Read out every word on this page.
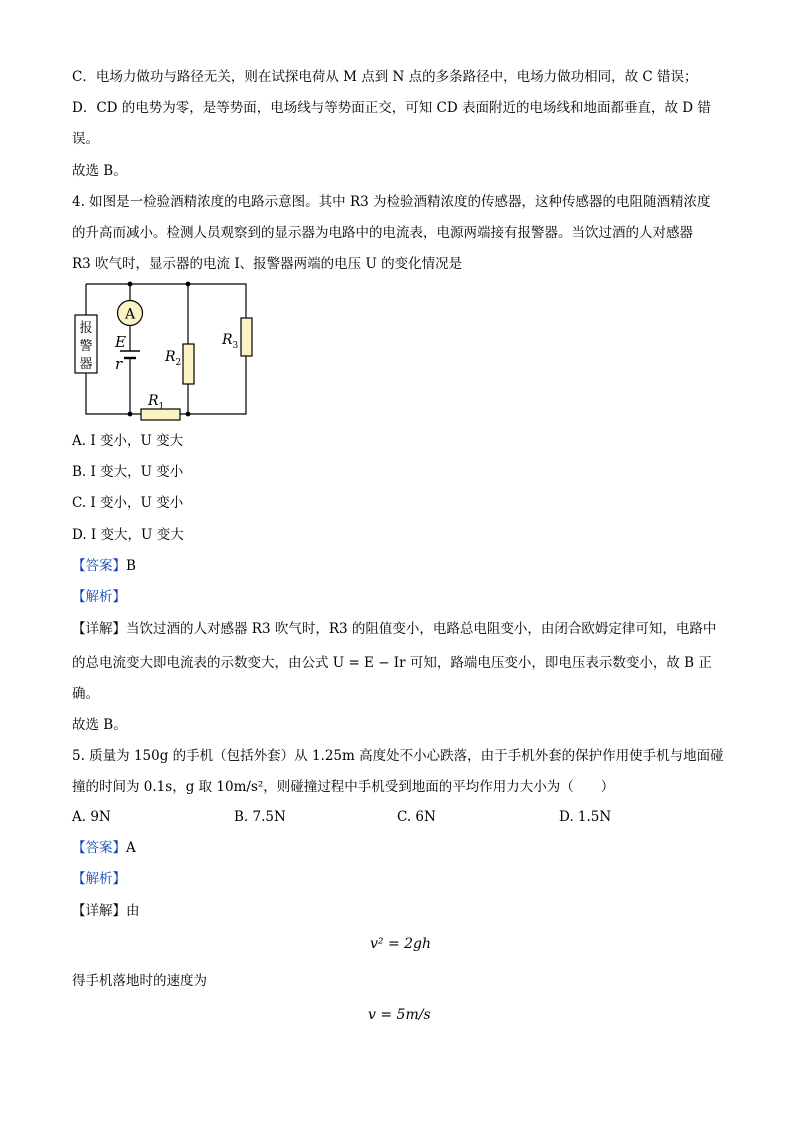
C．电场力做功与路径无关，则在试探电荷从 M 点到 N 点的多条路径中，电场力做功相同，故 C 错误；
D．CD 的电势为零，是等势面，电场线与等势面正交，可知 CD 表面附近的电场线和地面都垂直，故 D 错
误。
故选 B。
4. 如图是一检验酒精浓度的电路示意图。其中 R3 为检验酒精浓度的传感器，这种传感器的电阻随酒精浓度
的升高而减小。检测人员观察到的显示器为电路中的电流表，电源两端接有报警器。当饮过酒的人对感器
R3 吹气时，显示器的电流 I、报警器两端的电压 U 的变化情况是
A
报
警
器
E
r	$R_2$
$R_3$
$R_1$
A. I 变小，U 变大
B. I 变大，U 变小
C. I 变小，U 变小
D. I 变大，U 变大
【答案】B
【解析】
【详解】当饮过酒的人对感器 R3 吹气时，R3 的阻值变小，电路总电阻变小，由闭合欧姆定律可知，电路中
的总电流变大即电流表的示数变大，由公式 U = E − Ir 可知，路端电压变小，即电压表示数变小，故 B 正
确。
故选 B。
5. 质量为 150g 的手机（包括外套）从 1.25m 高度处不小心跌落，由于手机外套的保护作用使手机与地面碰
撞的时间为 0.1s，g 取 10m/s²，则碰撞过程中手机受到地面的平均作用力大小为（　　）
A. 9N	B. 7.5N	C. 6N	D. 1.5N
【答案】A
【解析】
【详解】由
v² = 2gh
得手机落地时的速度为
v = 5m/s
